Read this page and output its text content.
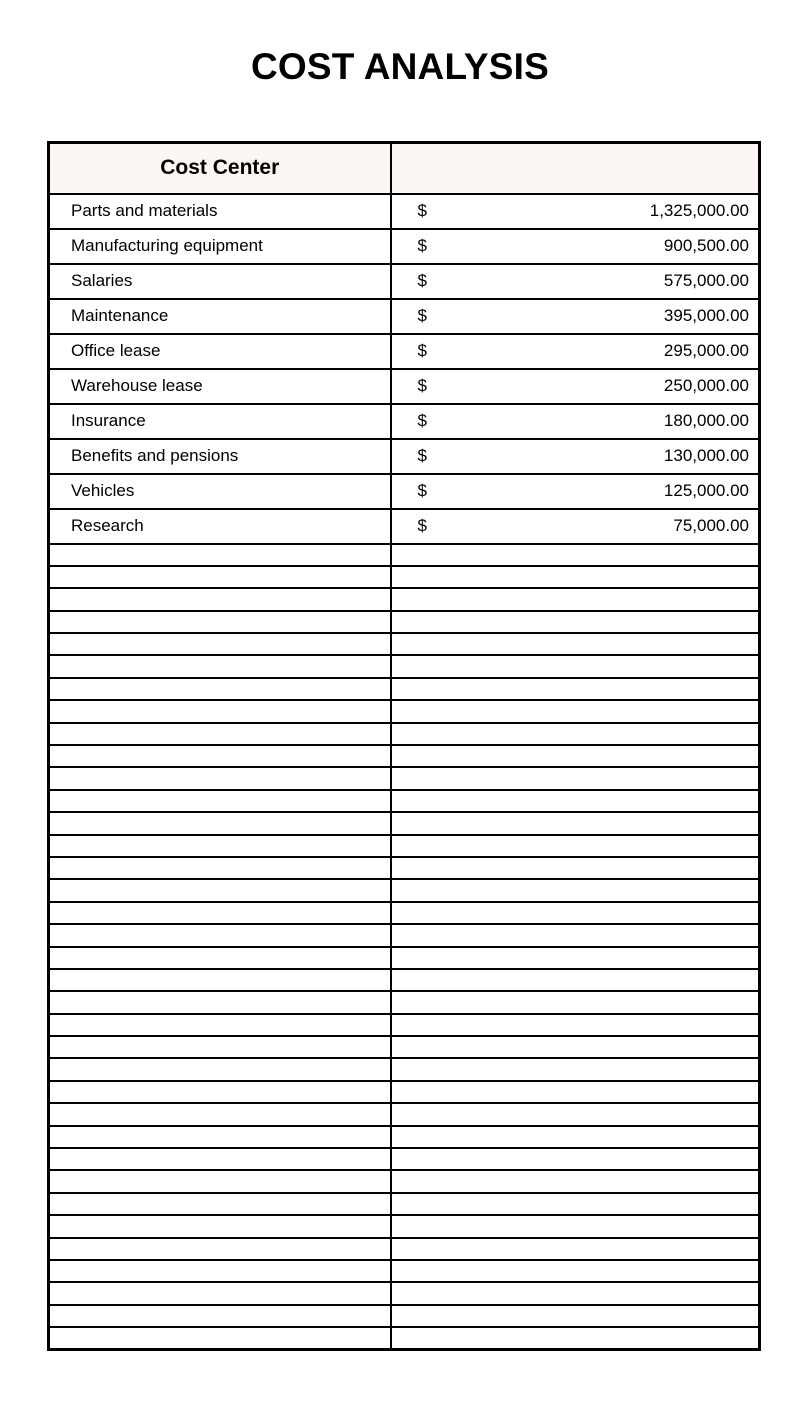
COST ANALYSIS
Cost Center	
Parts and materials	$ 1,325,000.00

Manufacturing equipment	$ 900,500.00

Salaries	$ 575,000.00

Maintenance	$ 395,000.00

Office lease	$ 295,000.00

Warehouse lease	$ 250,000.00

Insurance	$ 180,000.00

Benefits and pensions	$ 130,000.00

Vehicles	$ 125,000.00

Research	$ 75,000.00
